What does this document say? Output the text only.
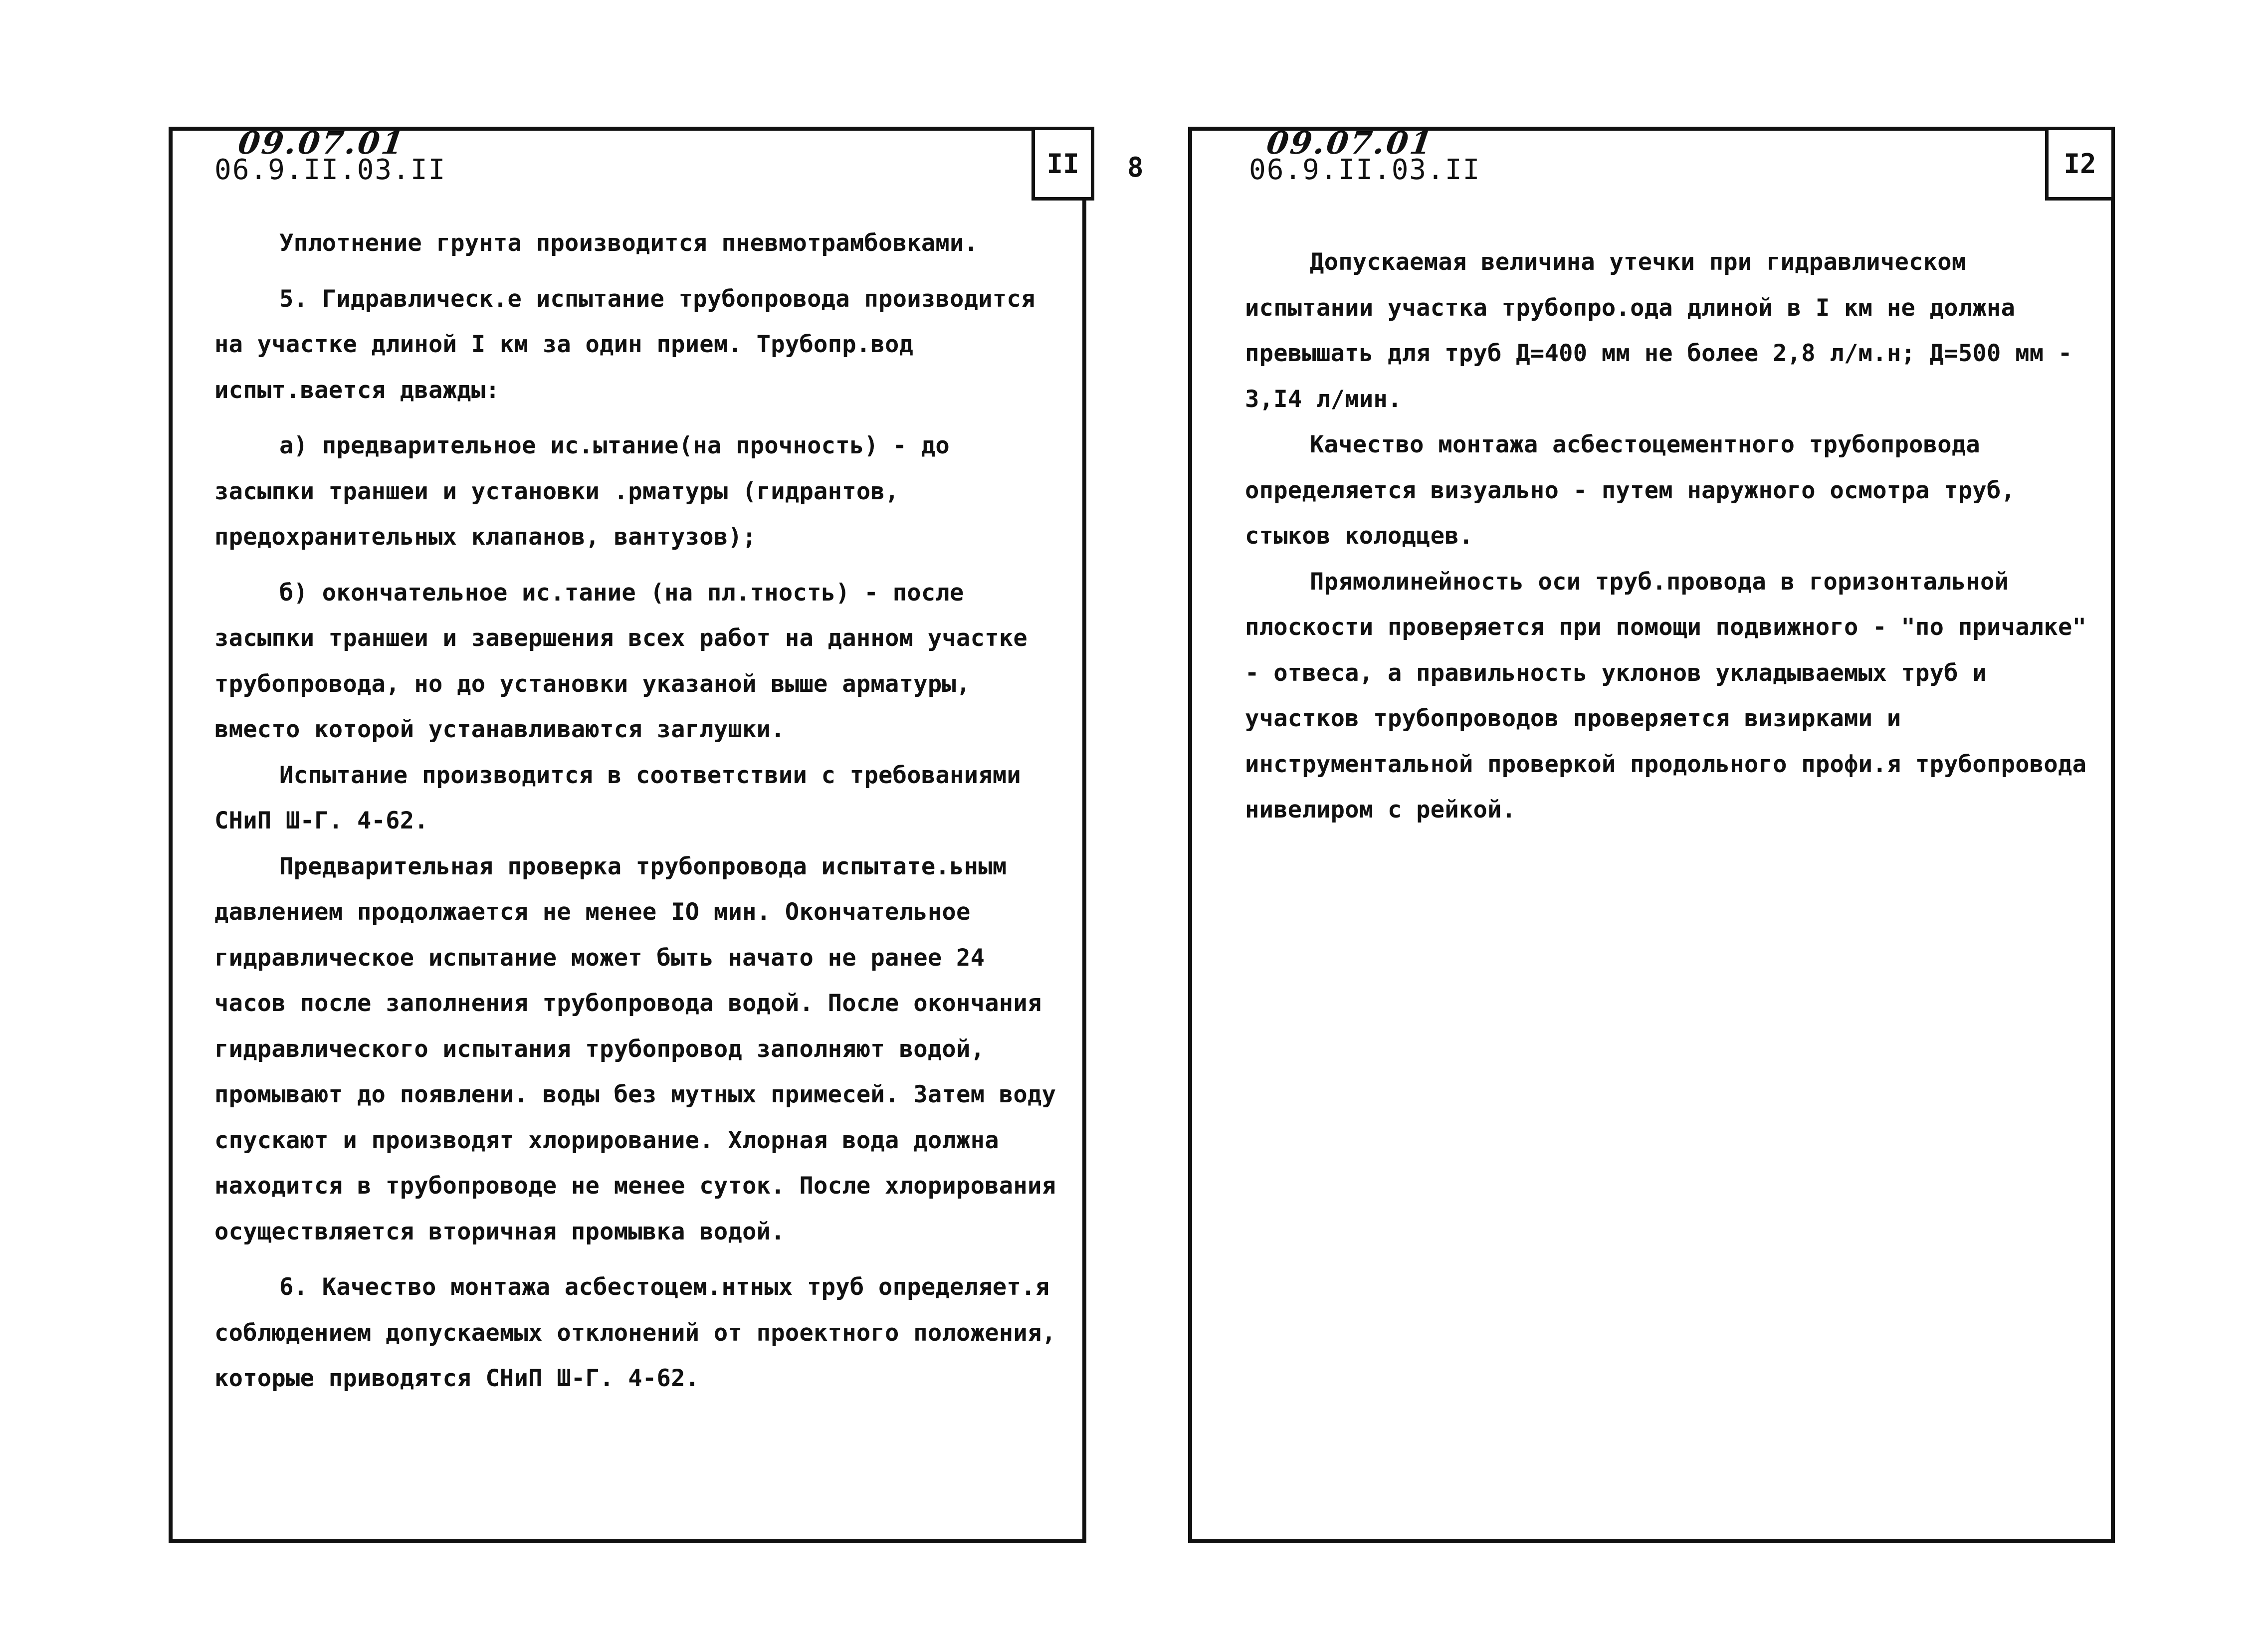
09.07.01
06.9.II.03.II	II

Уплотнение грунта производится пневмотрамбовками.

5. Гидравлическ.е испытание трубопровода производится на участке длиной I км за один прием. Трубопр.вод испыт.вается дважды:

а) предварительное ис.ытание(на прочность) - до засыпки траншеи и установки .рматуры (гидрантов, предохранительных клапанов, вантузов);

б) окончательное ис.тание (на пл.тность) - после засыпки траншеи и завершения всех работ на данном участке трубопровода, но до установки указаной выше арматуры, вместо которой устанавливаются заглушки.

Испытание производится в соответствии с требованиями СНиП Ш-Г. 4-62.

Предварительная проверка трубопровода испытате.ьным давлением продолжается не менее IO мин. Окончательное гидравлическое испытание может быть начато не ранее 24 часов после заполнения трубопровода водой. После окончания гидравлического испытания трубопровод заполняют водой, промывают до появлени. воды без мутных примесей. Затем воду спускают и производят хлорирование. Хлорная вода должна находится в трубопроводе не менее суток. После хлорирования осуществляется вторичная промывка водой.

6. Качество монтажа асбестоцем.нтных труб определяет.я соблюдением допускаемых отклонений от проектного положения, которые приводятся СНиП Ш-Г. 4-62.

8
09.07.01
06.9.II.03.II	I2

Допускаемая величина утечки при гидравлическом испытании участка трубопро.ода длиной в I км не должна превышать для труб Д=400 мм не более 2,8 л/м.н; Д=500 мм - 3,I4 л/мин.

Качество монтажа асбестоцементного трубопровода определяется визуально - путем наружного осмотра труб, стыков колодцев.

Прямолинейность оси труб.провода в горизонтальной плоскости проверяется при помощи подвижного - "по причалке" - отвеса, а правильность уклонов укладываемых труб и участков трубопроводов проверяется визирками и инструментальной проверкой продольного профи.я трубопровода нивелиром с рейкой.
